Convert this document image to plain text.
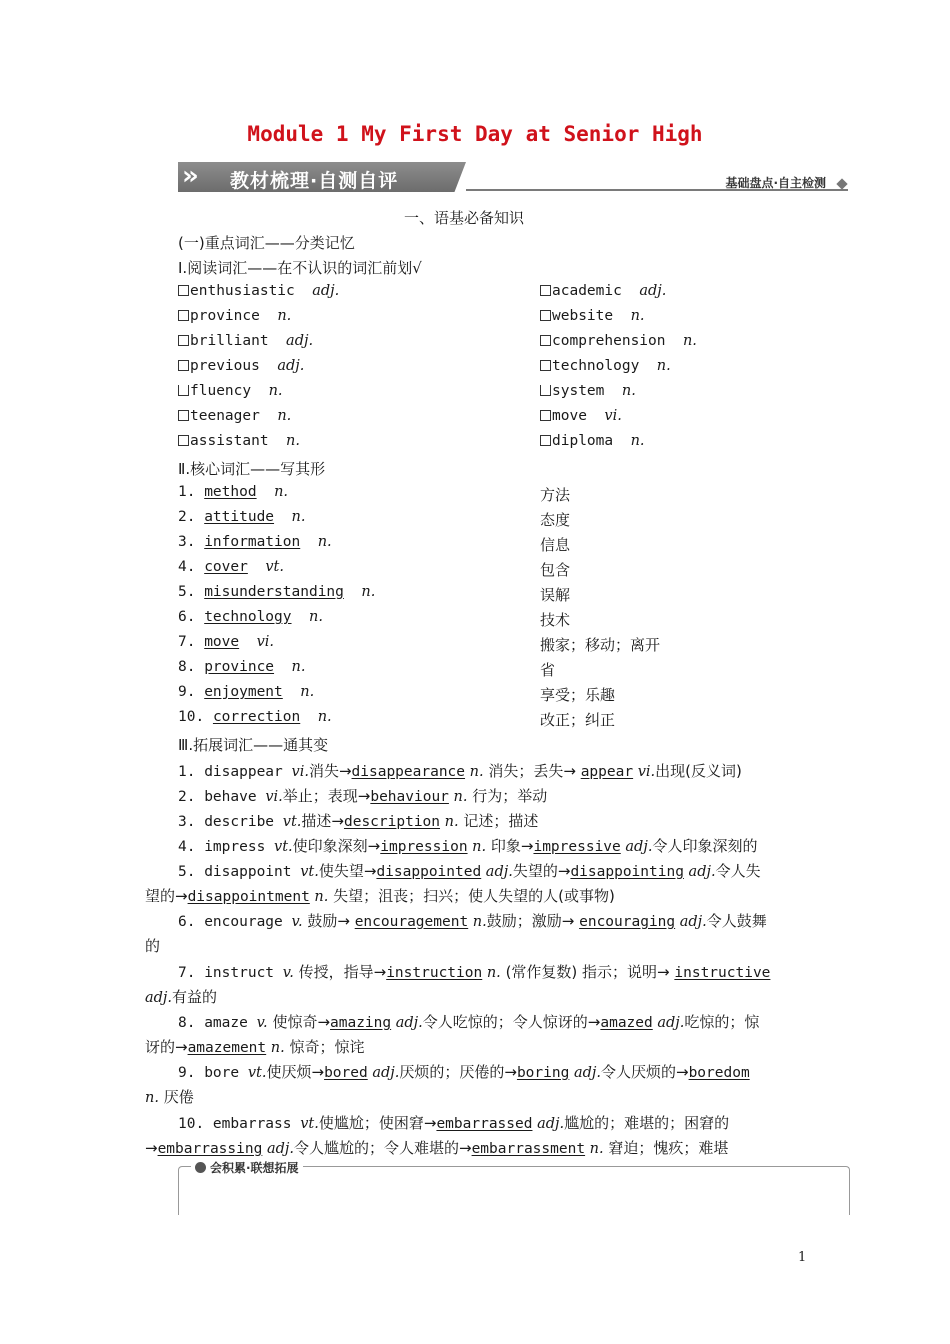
Module 1 My First Day at Senior High
» 教材梳理·自测自评	基础盘点·自主检测
一、语基必备知识
(一)重点词汇——分类记忆
Ⅰ.阅读词汇——在不认识的词汇前划√
enthusiastic adj.	academic adj.
province n.	website n.
brilliant adj.	comprehension n.
previous adj.	technology n.
fluency n.	system n.
teenager n.	move vi.
assistant n.	diploma n.
Ⅱ.核心词汇——写其形
1. method n.	方法
2. attitude n.	态度
3. information n.	信息
4. cover vt.	包含
5. misunderstanding n.	误解
6. technology n.	技术
7. move vi.	搬家；移动；离开
8. province n.	省
9. enjoyment n.	享受；乐趣
10. correction n.	改正；纠正
Ⅲ.拓展词汇——通其变
1. disappear vi.消失→disappearance n. 消失；丢失→ appear vi.出现(反义词)
2. behave vi.举止；表现→behaviour n. 行为；举动
3. describe vt.描述→description n. 记述；描述
4. impress vt.使印象深刻→impression n. 印象→impressive adj.令人印象深刻的
5. disappoint vt.使失望→disappointed adj.失望的→disappointing adj.令人失
望的→disappointment n. 失望；沮丧；扫兴；使人失望的人(或事物)
6. encourage v. 鼓励→ encouragement n.鼓励；激励→ encouraging adj.令人鼓舞
的
7. instruct v. 传授，指导→instruction n. (常作复数) 指示；说明→ instructive
adj.有益的
8. amaze v. 使惊奇→amazing adj.令人吃惊的；令人惊讶的→amazed adj.吃惊的；惊
讶的→amazement n. 惊奇；惊诧
9. bore vt.使厌烦→bored adj.厌烦的；厌倦的→boring adj.令人厌烦的→boredom
n. 厌倦
10. embarrass vt.使尴尬；使困窘→embarrassed adj.尴尬的；难堪的；困窘的
→embarrassing adj.令人尴尬的；令人难堪的→embarrassment n. 窘迫；愧疚；难堪
会积累·联想拓展
1
